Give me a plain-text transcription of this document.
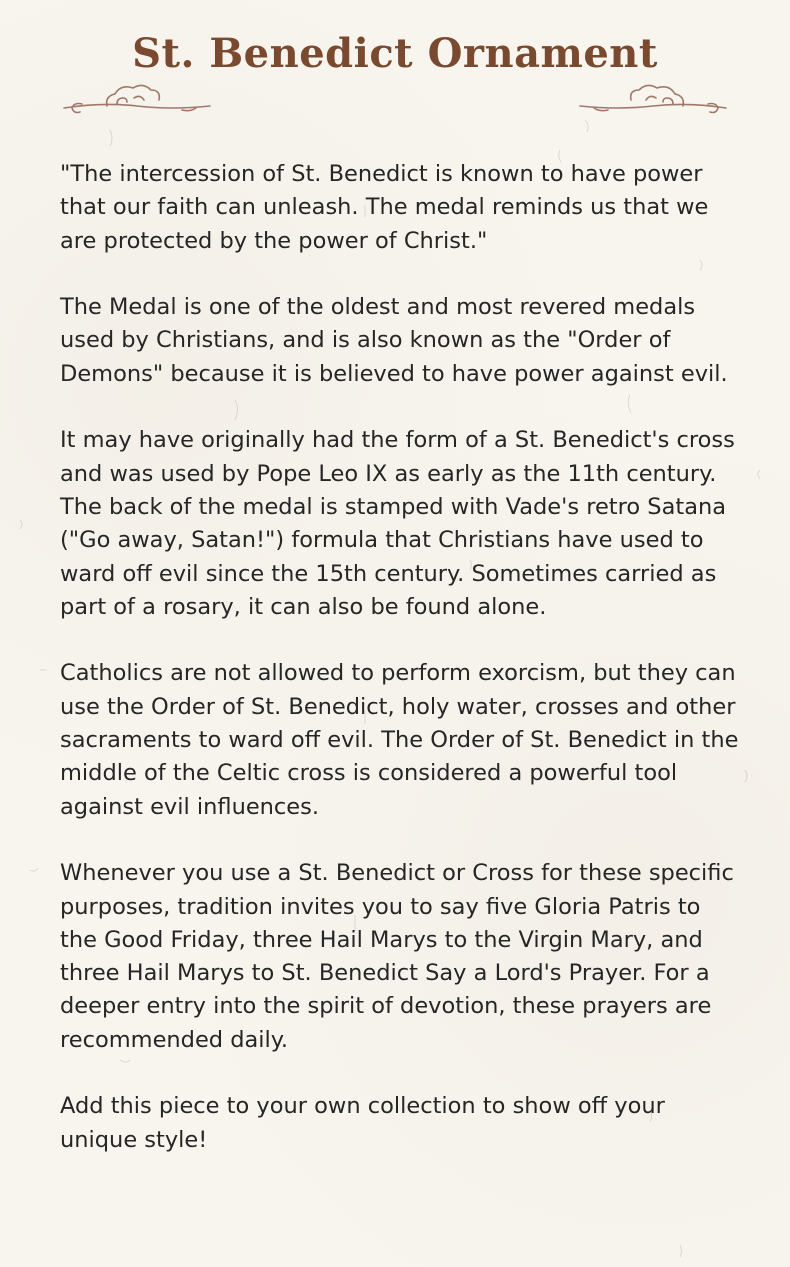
St. Benedict Ornament

"The intercession of St. Benedict is known to have power that our faith can unleash. The medal reminds us that we are protected by the power of Christ."

The Medal is one of the oldest and most revered medals used by Christians, and is also known as the "Order of Demons" because it is believed to have power against evil.

It may have originally had the form of a St. Benedict's cross and was used by Pope Leo IX as early as the 11th century. The back of the medal is stamped with Vade's retro Satana ("Go away, Satan!") formula that Christians have used to ward off evil since the 15th century. Sometimes carried as part of a rosary, it can also be found alone.

Catholics are not allowed to perform exorcism, but they can use the Order of St. Benedict, holy water, crosses and other sacraments to ward off evil. The Order of St. Benedict in the middle of the Celtic cross is considered a powerful tool against evil influences.

Whenever you use a St. Benedict or Cross for these specific purposes, tradition invites you to say five Gloria Patris to the Good Friday, three Hail Marys to the Virgin Mary, and three Hail Marys to St. Benedict Say a Lord's Prayer. For a deeper entry into the spirit of devotion, these prayers are recommended daily.

Add this piece to your own collection to show off your unique style!
